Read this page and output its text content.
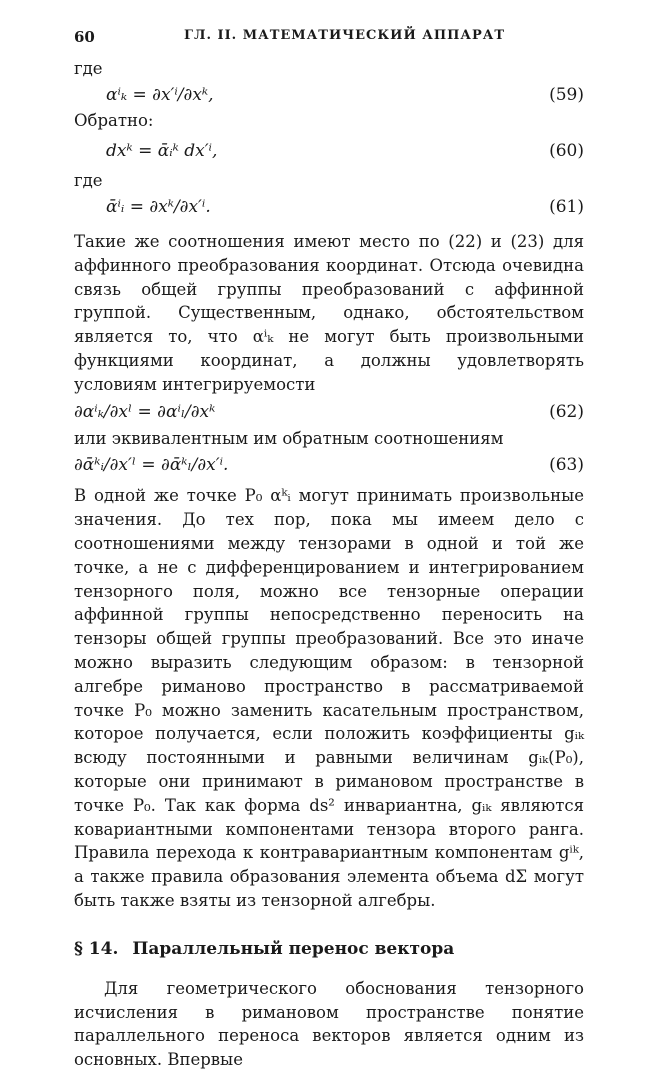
60	ГЛ. II. МАТЕМАТИЧЕСКИЙ АППАРАТ
где
αⁱₖ = ∂x′ⁱ/∂xᵏ,	(59)
Обратно:
dxᵏ = ᾱᵢᵏ dx′ⁱ,	(60)
где
ᾱⁱᵢ = ∂xᵏ/∂x′ⁱ.	(61)

Такие же соотношения имеют место по (22) и (23) для аффинного преобразования координат. Отсюда очевидна связь общей группы преобразований с аффинной группой. Существенным, однако, обстоятельством является то, что αⁱₖ не могут быть произвольными функциями координат, а должны удовлетворять условиям интегрируемости

∂αⁱₖ/∂xˡ = ∂αⁱₗ/∂xᵏ	(62)

или эквивалентным им обратным соотношениям

∂ᾱᵏᵢ/∂x′ˡ = ∂ᾱᵏₗ/∂x′ⁱ.	(63)

В одной же точке P₀ αᵏᵢ могут принимать произвольные значения. До тех пор, пока мы имеем дело с соотношениями между тензорами в одной и той же точке, а не с дифференцированием и интегрированием тензорного поля, можно все тензорные операции аффинной группы непосредственно переносить на тензоры общей группы преобразований. Все это иначе можно выразить следующим образом: в тензорной алгебре риманово пространство в рассматриваемой точке P₀ можно заменить касательным пространством, которое получается, если положить коэффициенты gᵢₖ всюду постоянными и равными величинам gᵢₖ(P₀), которые они принимают в римановом пространстве в точке P₀. Так как форма ds² инвариантна, gᵢₖ являются ковариантными компонентами тензора второго ранга. Правила перехода к контравариантным компонентам gⁱᵏ, а также правила образования элемента объема dΣ могут быть также взяты из тензорной алгебры.

§ 14. Параллельный перенос вектора

Для геометрического обоснования тензорного исчисления в римановом пространстве понятие параллельного переноса векторов является одним из основных. Впервые
